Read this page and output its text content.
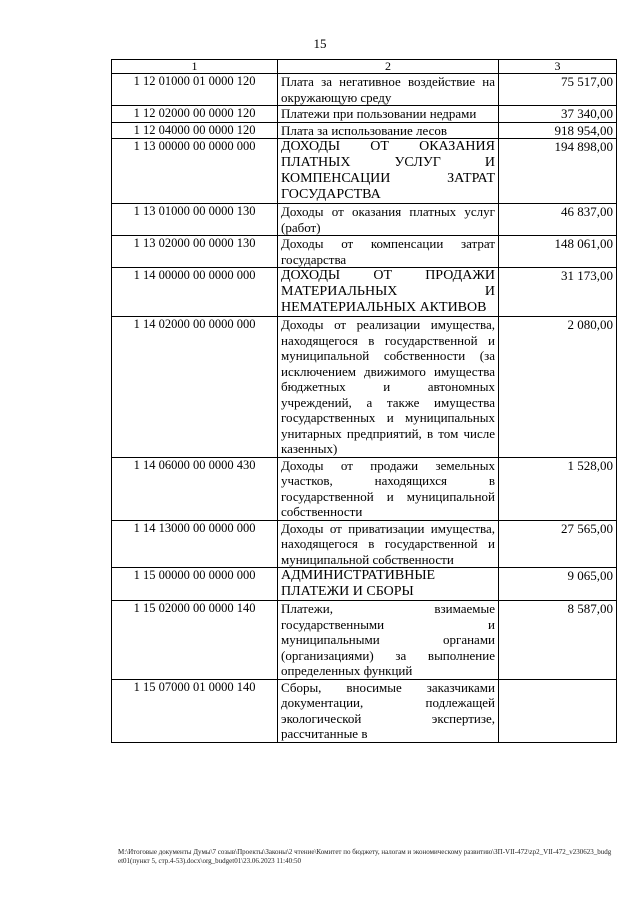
15
1	2	3
1 12 01000 01 0000 120	Плата за негативное воздействие на окружающую среду	75 517,00
1 12 02000 00 0000 120	Платежи при пользовании недрами	37 340,00
1 12 04000 00 0000 120	Плата за использование лесов	918 954,00
1 13 00000 00 0000 000	ДОХОДЫ ОТ ОКАЗАНИЯ ПЛАТНЫХ УСЛУГ И КОМПЕНСАЦИИ ЗАТРАТ ГОСУДАРСТВА	194 898,00
1 13 01000 00 0000 130	Доходы от оказания платных услуг (работ)	46 837,00
1 13 02000 00 0000 130	Доходы от компенсации затрат государства	148 061,00
1 14 00000 00 0000 000	ДОХОДЫ ОТ ПРОДАЖИ МАТЕРИАЛЬНЫХ И НЕМАТЕРИАЛЬНЫХ АКТИВОВ	31 173,00
1 14 02000 00 0000 000	Доходы от реализации имущества, находящегося в государственной и муниципальной собственности (за исключением движимого имущества бюджетных и автономных учреждений, а также имущества государственных и муниципальных унитарных предприятий, в том числе казенных)	2 080,00
1 14 06000 00 0000 430	Доходы от продажи земельных участков, находящихся в государственной и муниципальной собственности	1 528,00
1 14 13000 00 0000 000	Доходы от приватизации имущества, находящегося в государственной и муниципальной собственности	27 565,00
1 15 00000 00 0000 000	АДМИНИСТРАТИВНЫЕ ПЛАТЕЖИ И СБОРЫ	9 065,00
1 15 02000 00 0000 140	Платежи, взимаемые государственными и муниципальными органами (организациями) за выполнение определенных функций	8 587,00
1 15 07000 01 0000 140	Сборы, вносимые заказчиками документации, подлежащей экологической экспертизе, рассчитанные в	
М:\Итоговые документы Думы\7 созыв\Проекты\Законы\2 чтение\Комитет по бюджету, налогам и экономическому развитию\ЗП-VII-472\zp2_VII-472_v230623_budget01(пункт 5, стр.4-53).docx\org_budget01\23.06.2023 11:40:50
